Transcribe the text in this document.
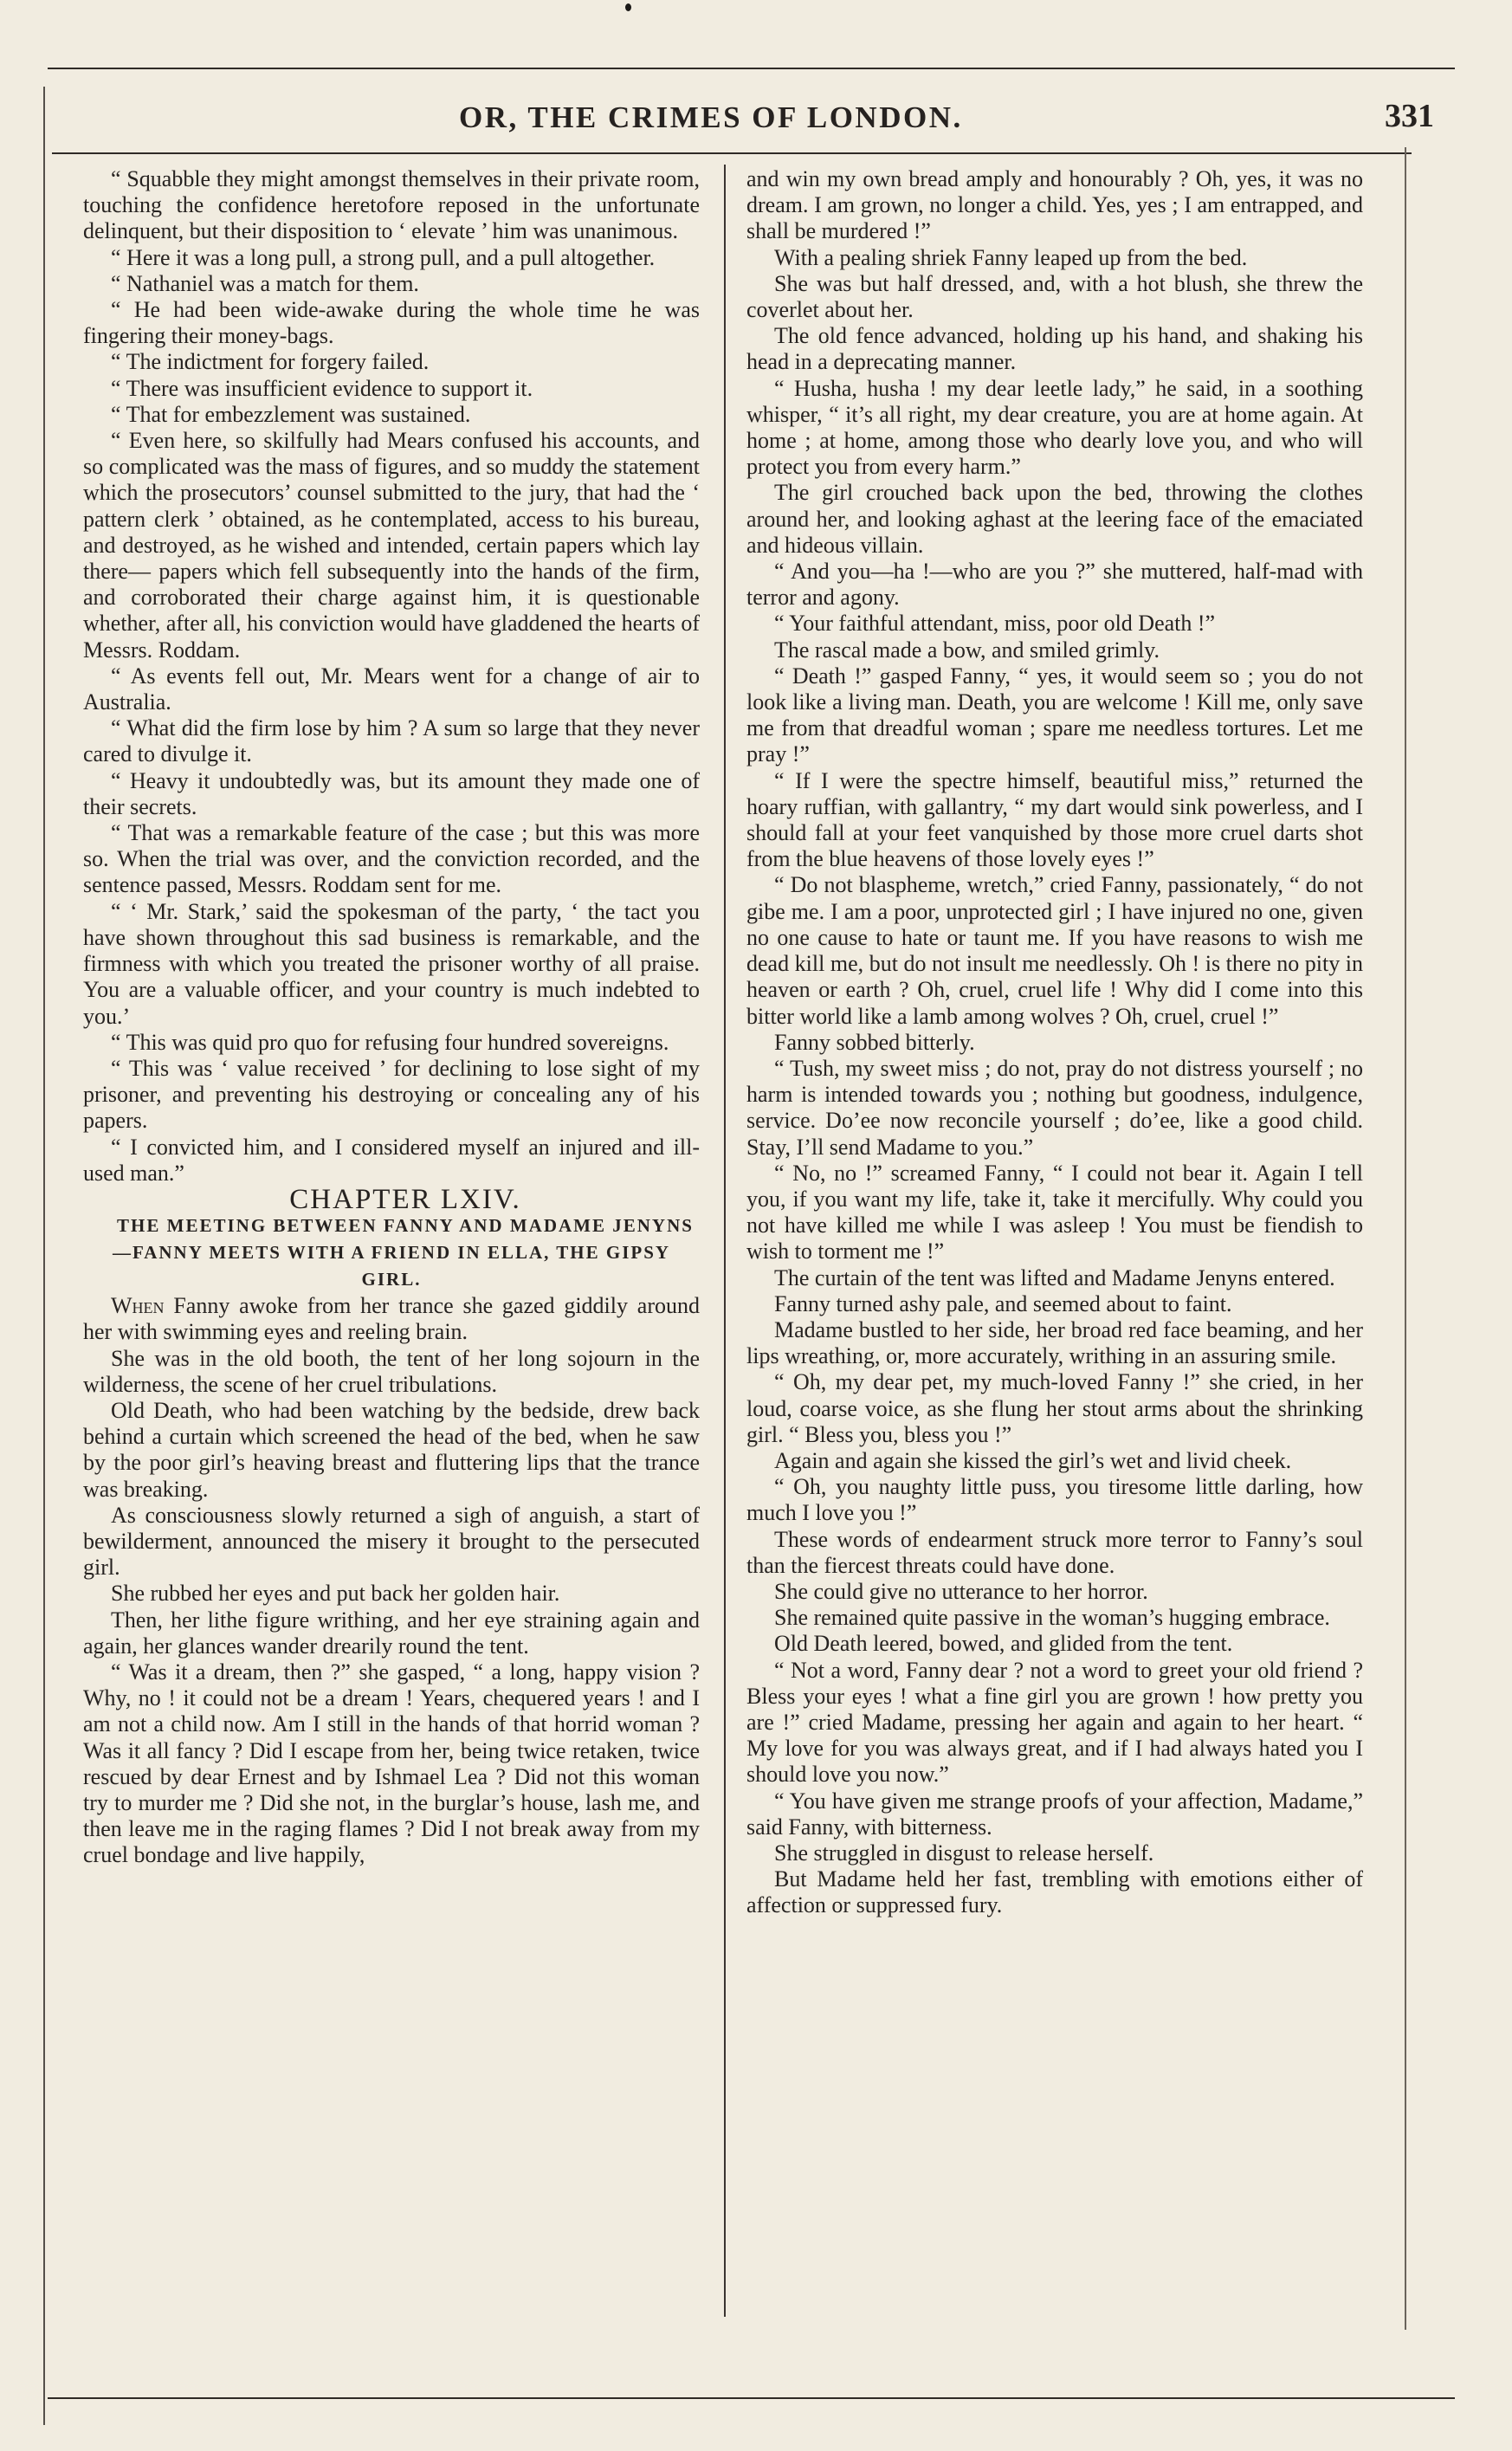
OR, THE CRIMES OF LONDON.	331

“ Squabble they might amongst themselves in their private room, touching the confidence heretofore reposed in the unfortunate delinquent, but their disposition to ‘ elevate ’ him was unanimous.

“ Here it was a long pull, a strong pull, and a pull altogether.

“ Nathaniel was a match for them.

“ He had been wide-awake during the whole time he was fingering their money-bags.

“ The indictment for forgery failed.

“ There was insufficient evidence to support it.

“ That for embezzlement was sustained.

“ Even here, so skilfully had Mears confused his accounts, and so complicated was the mass of figures, and so muddy the statement which the prosecutors’ counsel submitted to the jury, that had the ‘ pattern clerk ’ obtained, as he contemplated, access to his bureau, and destroyed, as he wished and intended, certain papers which lay there— papers which fell subsequently into the hands of the firm, and corroborated their charge against him, it is questionable whether, after all, his conviction would have gladdened the hearts of Messrs. Roddam.

“ As events fell out, Mr. Mears went for a change of air to Australia.

“ What did the firm lose by him ? A sum so large that they never cared to divulge it.

“ Heavy it undoubtedly was, but its amount they made one of their secrets.

“ That was a remarkable feature of the case ; but this was more so. When the trial was over, and the conviction recorded, and the sentence passed, Messrs. Roddam sent for me.

“ ‘ Mr. Stark,’ said the spokesman of the party, ‘ the tact you have shown throughout this sad business is remarkable, and the firmness with which you treated the prisoner worthy of all praise. You are a valuable officer, and your country is much indebted to you.’

“ This was quid pro quo for refusing four hundred sovereigns.

“ This was ‘ value received ’ for declining to lose sight of my prisoner, and preventing his destroying or concealing any of his papers.

“ I convicted him, and I considered myself an injured and ill-used man.”

CHAPTER LXIV.

THE MEETING BETWEEN FANNY AND MADAME JENYNS—FANNY MEETS WITH A FRIEND IN ELLA, THE GIPSY GIRL.

When Fanny awoke from her trance she gazed giddily around her with swimming eyes and reeling brain.

She was in the old booth, the tent of her long sojourn in the wilderness, the scene of her cruel tribulations.

Old Death, who had been watching by the bedside, drew back behind a curtain which screened the head of the bed, when he saw by the poor girl’s heaving breast and fluttering lips that the trance was breaking.

As consciousness slowly returned a sigh of anguish, a start of bewilderment, announced the misery it brought to the persecuted girl.

She rubbed her eyes and put back her golden hair.

Then, her lithe figure writhing, and her eye straining again and again, her glances wander drearily round the tent.

“ Was it a dream, then ?” she gasped, “ a long, happy vision ? Why, no ! it could not be a dream ! Years, chequered years ! and I am not a child now. Am I still in the hands of that horrid woman ? Was it all fancy ? Did I escape from her, being twice retaken, twice rescued by dear Ernest and by Ishmael Lea ? Did not this woman try to murder me ? Did she not, in the burglar’s house, lash me, and then leave me in the raging flames ? Did I not break away from my cruel bondage and live happily,

and win my own bread amply and honourably ? Oh, yes, it was no dream. I am grown, no longer a child. Yes, yes ; I am entrapped, and shall be murdered !”

With a pealing shriek Fanny leaped up from the bed.

She was but half dressed, and, with a hot blush, she threw the coverlet about her.

The old fence advanced, holding up his hand, and shaking his head in a deprecating manner.

“ Husha, husha ! my dear leetle lady,” he said, in a soothing whisper, “ it’s all right, my dear creature, you are at home again. At home ; at home, among those who dearly love you, and who will protect you from every harm.”

The girl crouched back upon the bed, throwing the clothes around her, and looking aghast at the leering face of the emaciated and hideous villain.

“ And you—ha !—who are you ?” she muttered, half-mad with terror and agony.

“ Your faithful attendant, miss, poor old Death !”

The rascal made a bow, and smiled grimly.

“ Death !” gasped Fanny, “ yes, it would seem so ; you do not look like a living man. Death, you are welcome ! Kill me, only save me from that dreadful woman ; spare me needless tortures. Let me pray !”

“ If I were the spectre himself, beautiful miss,” returned the hoary ruffian, with gallantry, “ my dart would sink powerless, and I should fall at your feet vanquished by those more cruel darts shot from the blue heavens of those lovely eyes !”

“ Do not blaspheme, wretch,” cried Fanny, passionately, “ do not gibe me. I am a poor, unprotected girl ; I have injured no one, given no one cause to hate or taunt me. If you have reasons to wish me dead kill me, but do not insult me needlessly. Oh ! is there no pity in heaven or earth ? Oh, cruel, cruel life ! Why did I come into this bitter world like a lamb among wolves ? Oh, cruel, cruel !”

Fanny sobbed bitterly.

“ Tush, my sweet miss ; do not, pray do not distress yourself ; no harm is intended towards you ; nothing but goodness, indulgence, service. Do’ee now reconcile yourself ; do’ee, like a good child. Stay, I’ll send Madame to you.”

“ No, no !” screamed Fanny, “ I could not bear it. Again I tell you, if you want my life, take it, take it mercifully. Why could you not have killed me while I was asleep ! You must be fiendish to wish to torment me !”

The curtain of the tent was lifted and Madame Jenyns entered.

Fanny turned ashy pale, and seemed about to faint.

Madame bustled to her side, her broad red face beaming, and her lips wreathing, or, more accurately, writhing in an assuring smile.

“ Oh, my dear pet, my much-loved Fanny !” she cried, in her loud, coarse voice, as she flung her stout arms about the shrinking girl. “ Bless you, bless you !”

Again and again she kissed the girl’s wet and livid cheek.

“ Oh, you naughty little puss, you tiresome little darling, how much I love you !”

These words of endearment struck more terror to Fanny’s soul than the fiercest threats could have done.

She could give no utterance to her horror.

She remained quite passive in the woman’s hugging embrace.

Old Death leered, bowed, and glided from the tent.

“ Not a word, Fanny dear ? not a word to greet your old friend ? Bless your eyes ! what a fine girl you are grown ! how pretty you are !” cried Madame, pressing her again and again to her heart. “ My love for you was always great, and if I had always hated you I should love you now.”

“ You have given me strange proofs of your affection, Madame,” said Fanny, with bitterness.

She struggled in disgust to release herself.

But Madame held her fast, trembling with emotions either of affection or suppressed fury.
